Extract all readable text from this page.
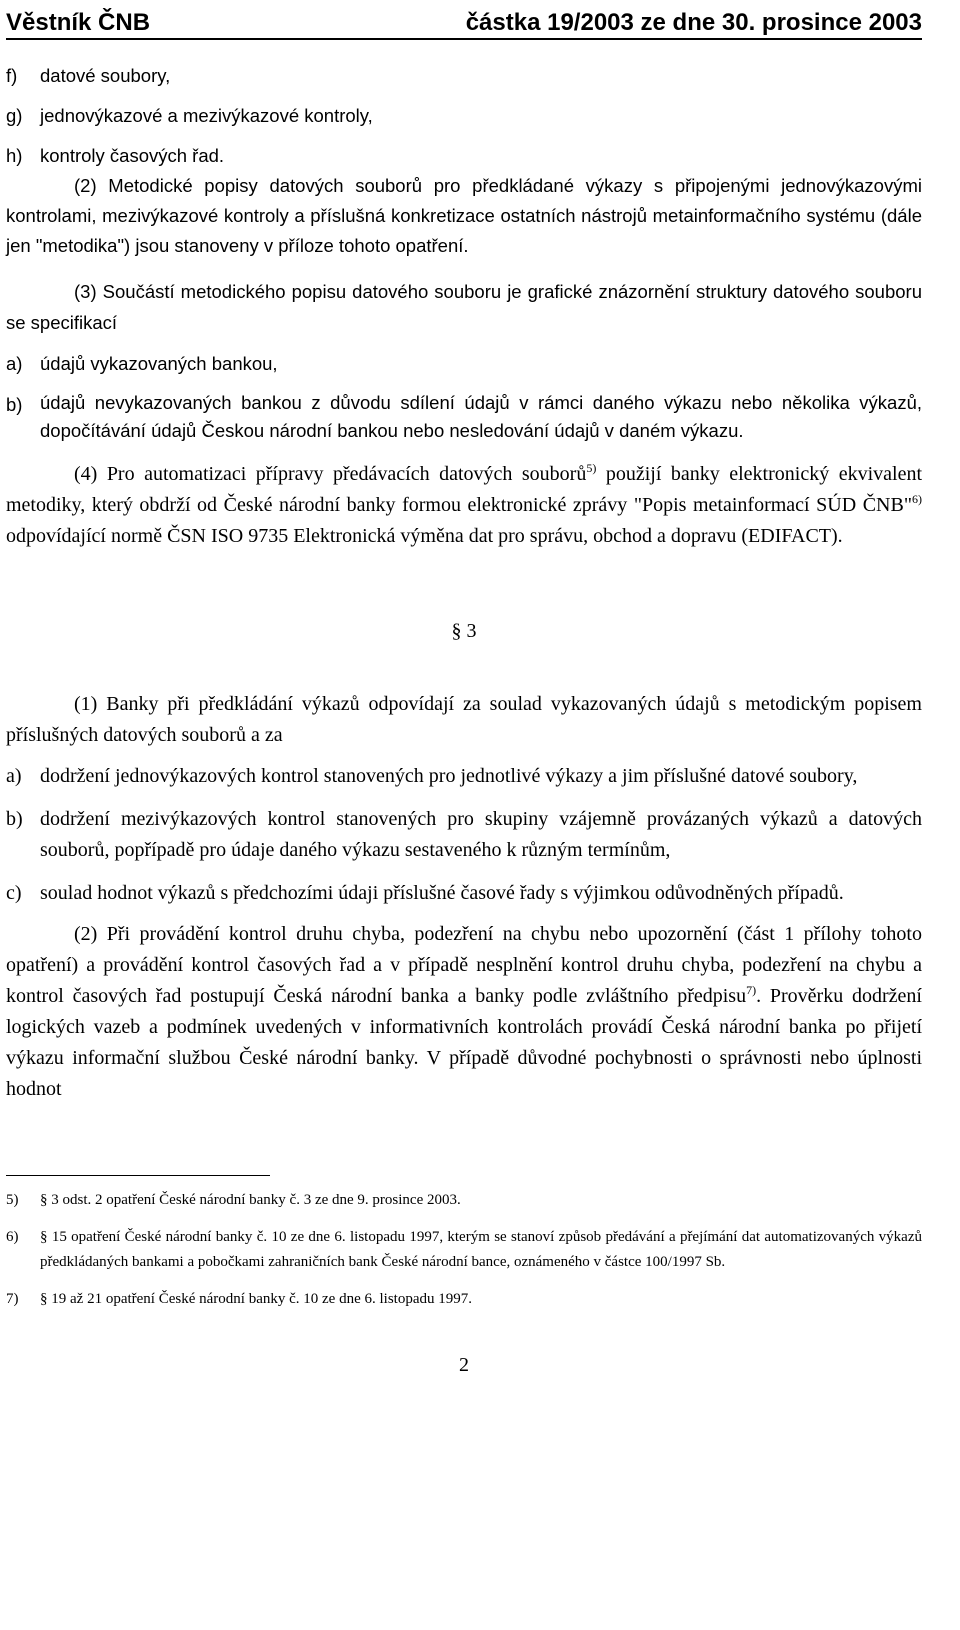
Věstník ČNB	částka 19/2003 ze dne 30. prosince 2003
f)	datové soubory,
g) jednovýkazové a mezivýkazové kontroly,
h) kontroly časových řad.

(2) Metodické popisy datových souborů pro předkládané výkazy s připojenými jednovýkazovými kontrolami, mezivýkazové kontroly a příslušná konkretizace ostatních nástrojů metainformačního systému (dále jen "metodika") jsou stanoveny v příloze tohoto opatření.

(3) Součástí metodického popisu datového souboru je grafické znázornění struktury datového souboru se specifikací

a) údajů vykazovaných bankou,
b) údajů nevykazovaných bankou z důvodu sdílení údajů v rámci daného výkazu nebo několika výkazů, dopočítávání údajů Českou národní bankou nebo nesledování údajů v daném výkazu.

(4) Pro automatizaci přípravy předávacích datových souborů$^{5)}$ použijí banky elektronický ekvivalent metodiky, který obdrží od České národní banky formou elektronické zprávy "Popis metainformací SÚD ČNB"$^{6)}$ odpovídající normě ČSN ISO 9735 Elektronická výměna dat pro správu, obchod a dopravu (EDIFACT).

§ 3

(1) Banky při předkládání výkazů odpovídají za soulad vykazovaných údajů s metodickým popisem příslušných datových souborů a za

a) dodržení jednovýkazových kontrol stanovených pro jednotlivé výkazy a jim příslušné datové soubory,
b) dodržení mezivýkazových kontrol stanovených pro skupiny vzájemně provázaných výkazů a datových souborů, popřípadě pro údaje daného výkazu sestaveného k různým termínům,
c) soulad hodnot výkazů s předchozími údaji příslušné časové řady s výjimkou odůvodněných případů.

(2) Při provádění kontrol druhu chyba, podezření na chybu nebo upozornění (část 1 přílohy tohoto opatření) a provádění kontrol časových řad a v případě nesplnění kontrol druhu chyba, podezření na chybu a kontrol časových řad postupují Česká národní banka a banky podle zvláštního předpisu$^{7)}$. Prověrku dodržení logických vazeb a podmínek uvedených v informativních kontrolách provádí Česká národní banka po přijetí výkazu informační službou České národní banky. V případě důvodné pochybnosti o správnosti nebo úplnosti hodnot

5)	§ 3 odst. 2 opatření České národní banky č. 3 ze dne 9. prosince 2003.
6)	§ 15 opatření České národní banky č. 10 ze dne 6. listopadu 1997, kterým se stanoví způsob předávání a přejímání dat automatizovaných výkazů předkládaných bankami a pobočkami zahraničních bank České národní bance, oznámeného v částce 100/1997 Sb.
7)	§ 19 až 21 opatření České národní banky č. 10 ze dne 6. listopadu 1997.

2
